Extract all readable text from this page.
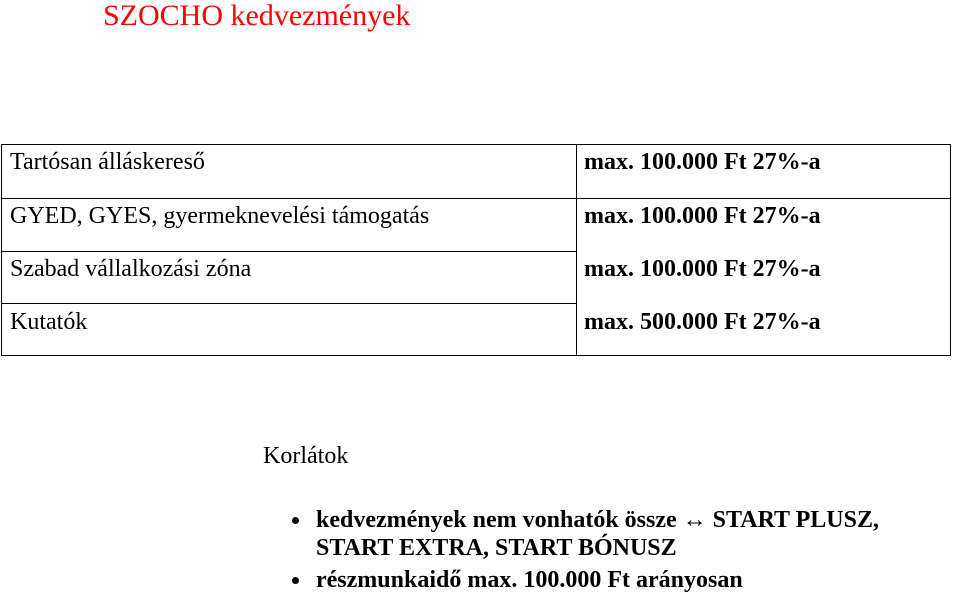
SZOCHO kedvezmények
Tartósan álláskereső	max. 100.000 Ft 27%-a
GYED, GYES, gyermeknevelési támogatás	max. 100.000 Ft 27%-a
Szabad vállalkozási zóna	max. 100.000 Ft 27%-a
Kutatók	max. 500.000 Ft 27%-a
Korlátok
kedvezmények nem vonhatók össze ↔ START PLUSZ, START EXTRA, START BÓNUSZ
részmunkaidő max. 100.000 Ft arányosan
